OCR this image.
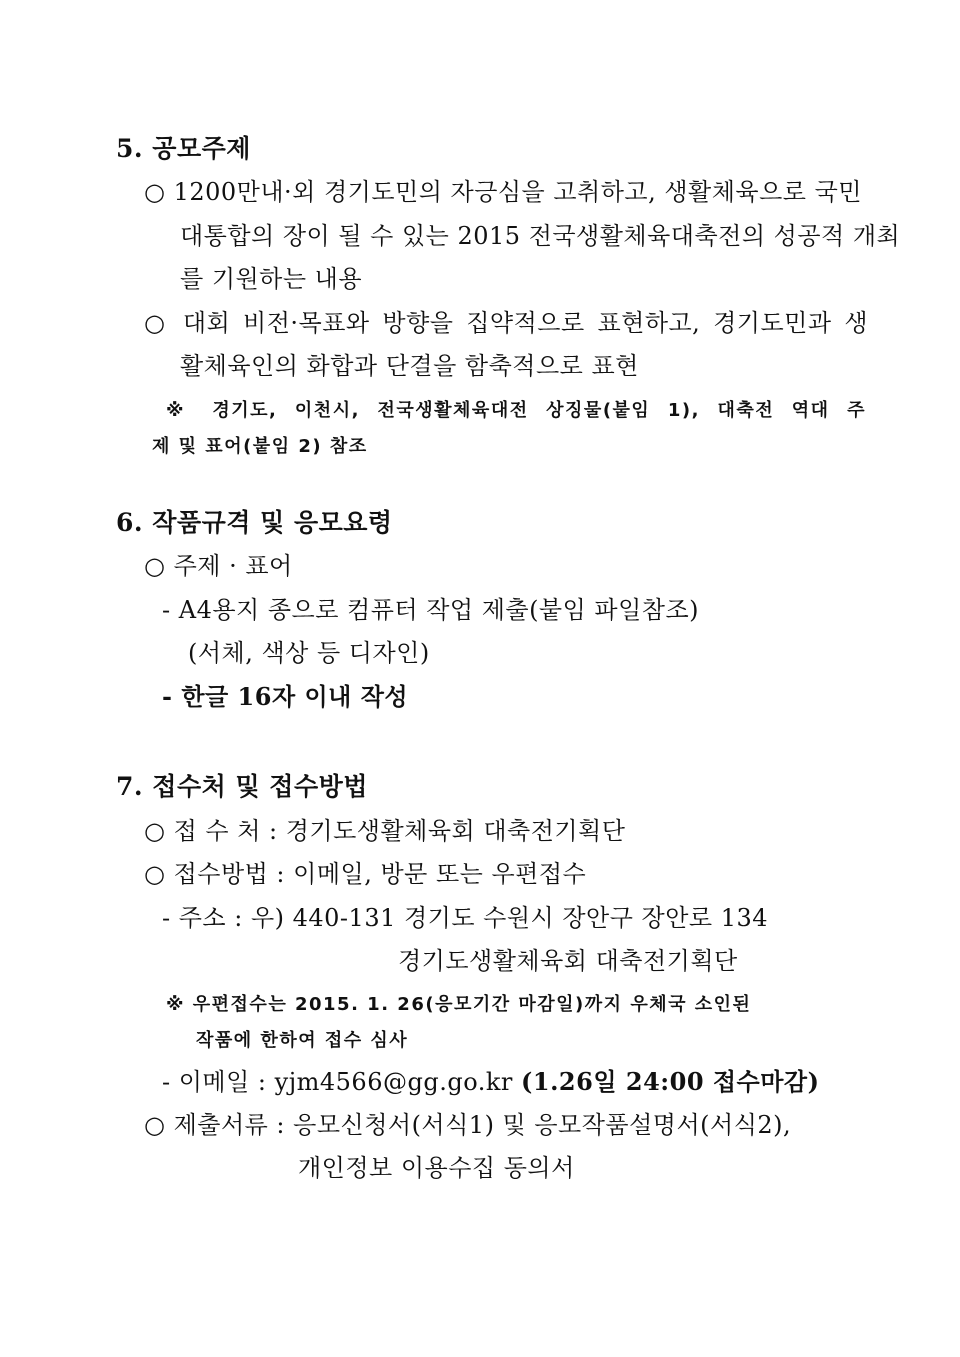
5. 공모주제
○ 1200만내·외 경기도민의 자긍심을 고취하고, 생활체육으로 국민
대통합의 장이 될 수 있는 2015 전국생활체육대축전의 성공적 개최
를 기원하는 내용
○ 대회 비전·목표와 방향을 집약적으로 표현하고, 경기도민과 생
활체육인의 화합과 단결을 함축적으로 표현
※ 경기도, 이천시, 전국생활체육대전 상징물(붙임 1), 대축전 역대 주
제 및 표어(붙임 2) 참조
6. 작품규격 및 응모요령
○ 주제 · 표어
- A4용지 종으로 컴퓨터 작업 제출(붙임 파일참조)
(서체, 색상 등 디자인)
- 한글 16자 이내 작성
7. 접수처 및 접수방법
○ 접 수 처 : 경기도생활체육회 대축전기획단
○ 접수방법 : 이메일, 방문 또는 우편접수
- 주소 : 우) 440-131 경기도 수원시 장안구 장안로 134
경기도생활체육회 대축전기획단
※ 우편접수는 2015. 1. 26(응모기간 마감일)까지 우체국 소인된
작품에 한하여 접수 심사
- 이메일 : yjm4566@gg.go.kr (1.26일 24:00 접수마감)
○ 제출서류 : 응모신청서(서식1) 및 응모작품설명서(서식2),
개인정보 이용수집 동의서
